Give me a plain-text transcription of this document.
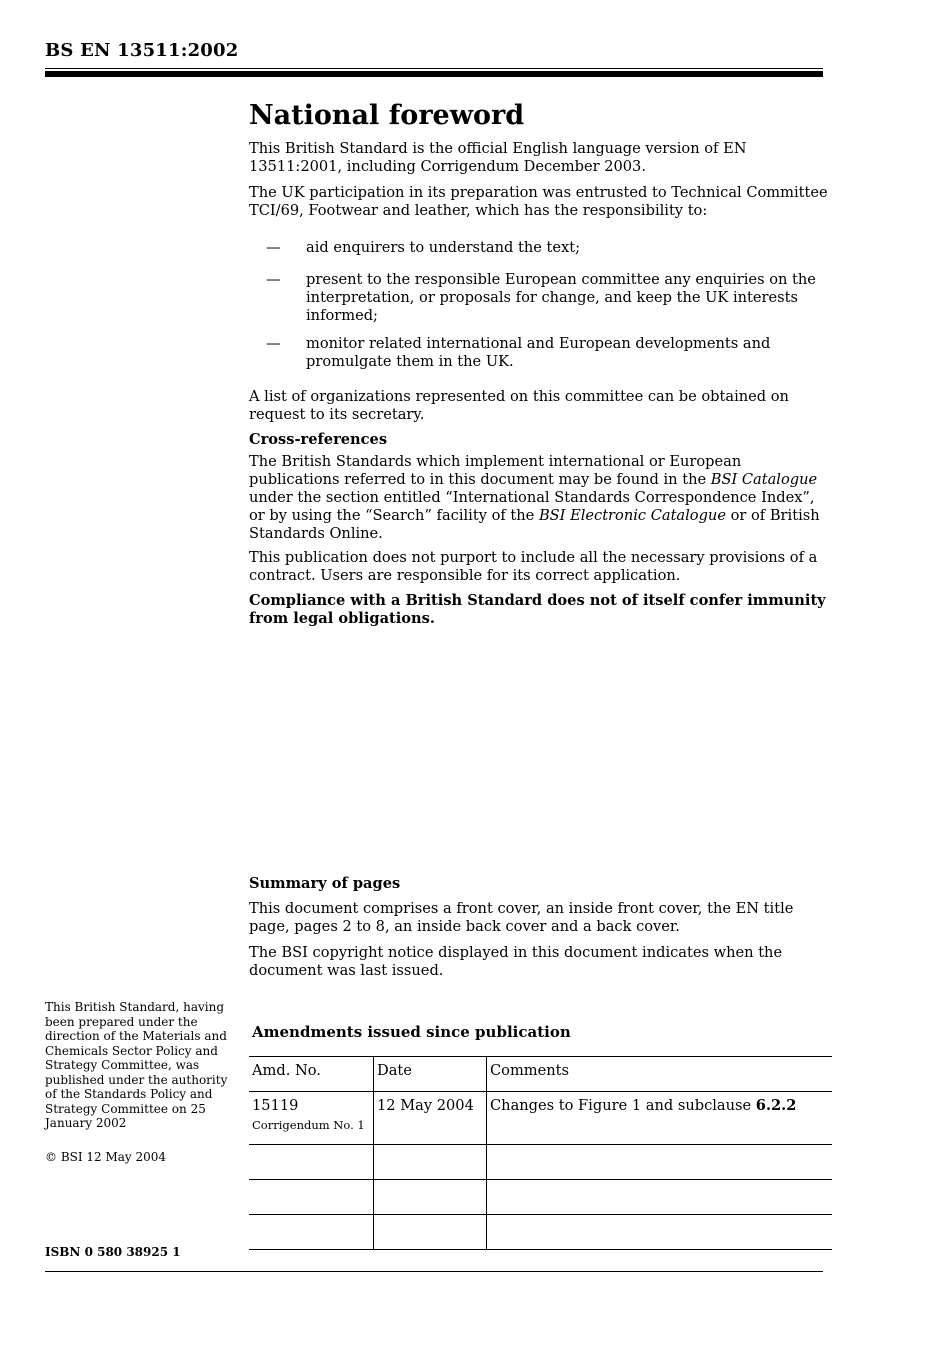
BS EN 13511:2002
National foreword
This British Standard is the official English language version of EN 13511:2001, including Corrigendum December 2003.
The UK participation in its preparation was entrusted to Technical Committee TCI/69, Footwear and leather, which has the responsibility to:
— aid enquirers to understand the text;
— present to the responsible European committee any enquiries on the interpretation, or proposals for change, and keep the UK interests informed;
— monitor related international and European developments and promulgate them in the UK.
A list of organizations represented on this committee can be obtained on request to its secretary.
Cross-references
The British Standards which implement international or European publications referred to in this document may be found in the BSI Catalogue under the section entitled “International Standards Correspondence Index”, or by using the “Search” facility of the BSI Electronic Catalogue or of British Standards Online.
This publication does not purport to include all the necessary provisions of a contract. Users are responsible for its correct application.
Compliance with a British Standard does not of itself confer immunity from legal obligations.
Summary of pages
This document comprises a front cover, an inside front cover, the EN title page, pages 2 to 8, an inside back cover and a back cover.
The BSI copyright notice displayed in this document indicates when the document was last issued.
This British Standard, having been prepared under the direction of the Materials and Chemicals Sector Policy and Strategy Committee, was published under the authority of the Standards Policy and Strategy Committee on 25 January 2002
© BSI 12 May 2004
Amendments issued since publication
Amd. No.	Date	Comments
15119
Corrigendum No. 1
12 May 2004 Changes to Figure 1 and subclause 6.2.2
ISBN 0 580 38925 1
